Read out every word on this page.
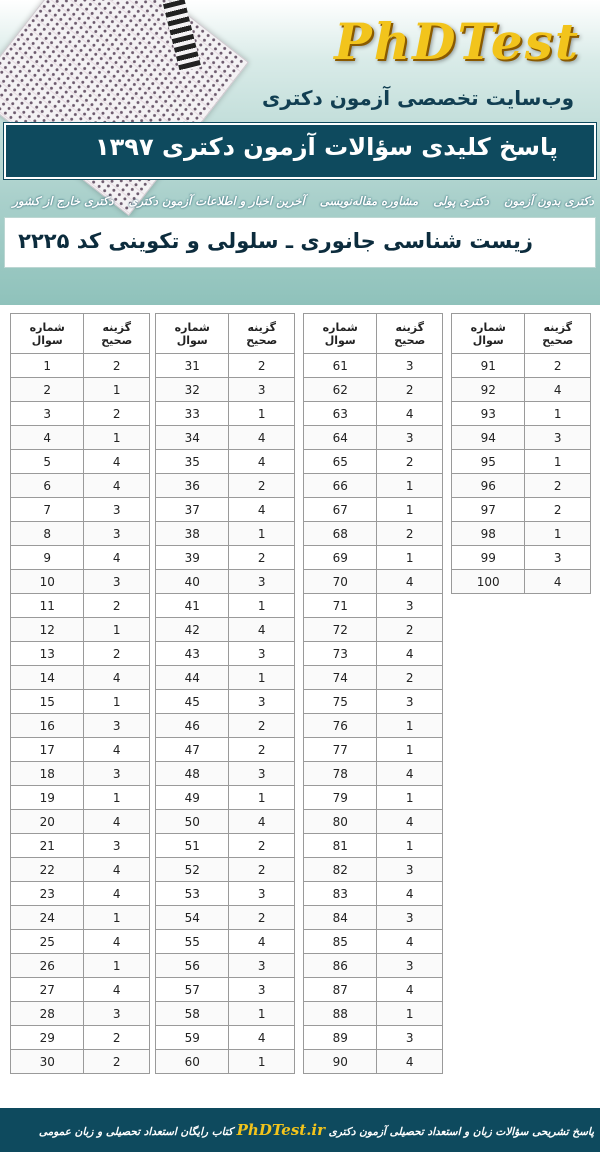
PhDTest
وب‌سایت تخصصی آزمون دکتری
پاسخ کلیدی سؤالات آزمون دکتری ۱۳۹۷
دکتری بدون آزمون دکتری پولی مشاوره مقاله‌نویسی آخرین اخبار و اطلاعات آزمون دکتری دکتری خارج از کشور
زیست شناسی جانوری ـ سلولی و تکوینی کد ۲۲۲۵
شماره سوال	گزینه صحیح
1	2
2	1
3	2
4	1
5	4
6	4
7	3
8	3
9	4
10	3
11	2
12	1
13	2
14	4
15	1
16	3
17	4
18	3
19	1
20	4
21	3
22	4
23	4
24	1
25	4
26	1
27	4
28	3
29	2
30	2
شماره سوال	گزینه صحیح
31	2
32	3
33	1
34	4
35	4
36	2
37	4
38	1
39	2
40	3
41	1
42	4
43	3
44	1
45	3
46	2
47	2
48	3
49	1
50	4
51	2
52	2
53	3
54	2
55	4
56	3
57	3
58	1
59	4
60	1
شماره سوال	گزینه صحیح
61	3
62	2
63	4
64	3
65	2
66	1
67	1
68	2
69	1
70	4
71	3
72	2
73	4
74	2
75	3
76	1
77	1
78	4
79	1
80	4
81	1
82	3
83	4
84	3
85	4
86	3
87	4
88	1
89	3
90	4
شماره سوال	گزینه صحیح
91	2
92	4
93	1
94	3
95	1
96	2
97	2
98	1
99	3
100	4
پاسخ تشریحی سؤالات زبان و استعداد تحصیلی آزمون دکتری PhDTest.ir کتاب رایگان استعداد تحصیلی و زبان عمومی
